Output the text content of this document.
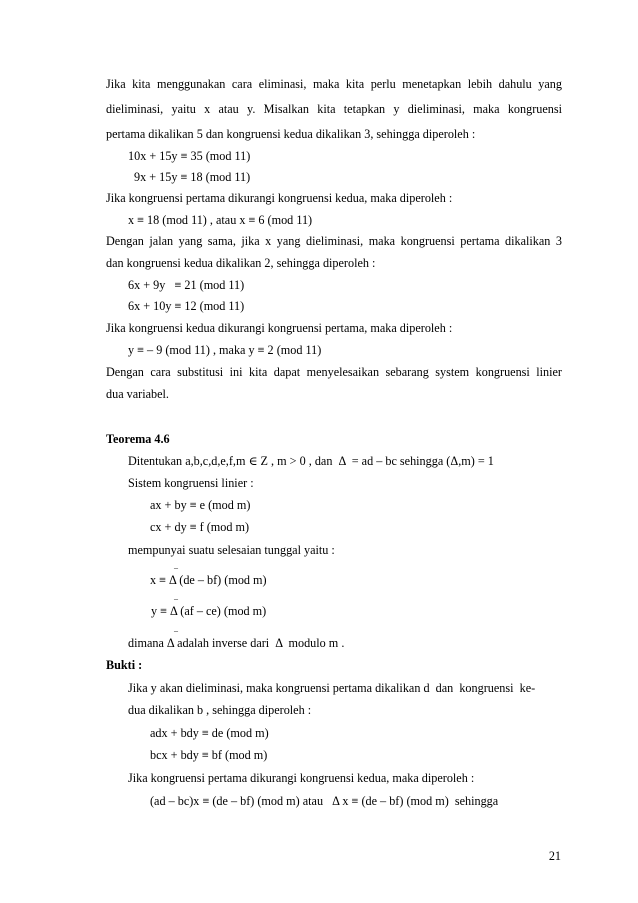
Jika kita menggunakan cara eliminasi, maka kita perlu menetapkan lebih dahulu yang
dieliminasi, yaitu x atau y. Misalkan kita tetapkan y dieliminasi, maka kongruensi
pertama dikalikan 5 dan kongruensi kedua dikalikan 3, sehingga diperoleh :
10x + 15y ≡ 35 (mod 11)
9x + 15y ≡ 18 (mod 11)
Jika kongruensi pertama dikurangi kongruensi kedua, maka diperoleh :
x ≡ 18 (mod 11) , atau x ≡ 6 (mod 11)
Dengan jalan yang sama, jika x yang dieliminasi, maka kongruensi pertama dikalikan 3
dan kongruensi kedua dikalikan 2, sehingga diperoleh :
6x + 9y   ≡ 21 (mod 11)
6x + 10y ≡ 12 (mod 11)
Jika kongruensi kedua dikurangi kongruensi pertama, maka diperoleh :
y ≡ – 9 (mod 11) , maka y ≡ 2 (mod 11)
Dengan cara substitusi ini kita dapat menyelesaikan sebarang system kongruensi linier
dua variabel.
Teorema 4.6
Ditentukan a,b,c,d,e,f,m ∈ Z , m > 0 , dan  Δ  = ad – bc sehingga (Δ,m) = 1
Sistem kongruensi linier :
ax + by ≡ e (mod m)
cx + dy ≡ f (mod m)
mempunyai suatu selesaian tunggal yaitu :
–
x ≡ Δ (de – bf) (mod m)
–
y ≡ Δ (af – ce) (mod m)
–
dimana Δ adalah inverse dari  Δ  modulo m .
Bukti :
Jika y akan dieliminasi, maka kongruensi pertama dikalikan d  dan  kongruensi  ke-
dua dikalikan b , sehingga diperoleh :
adx + bdy ≡ de (mod m)
bcx + bdy ≡ bf (mod m)
Jika kongruensi pertama dikurangi kongruensi kedua, maka diperoleh :
(ad – bc)x ≡ (de – bf) (mod m) atau   Δ x ≡ (de – bf) (mod m)  sehingga
21
